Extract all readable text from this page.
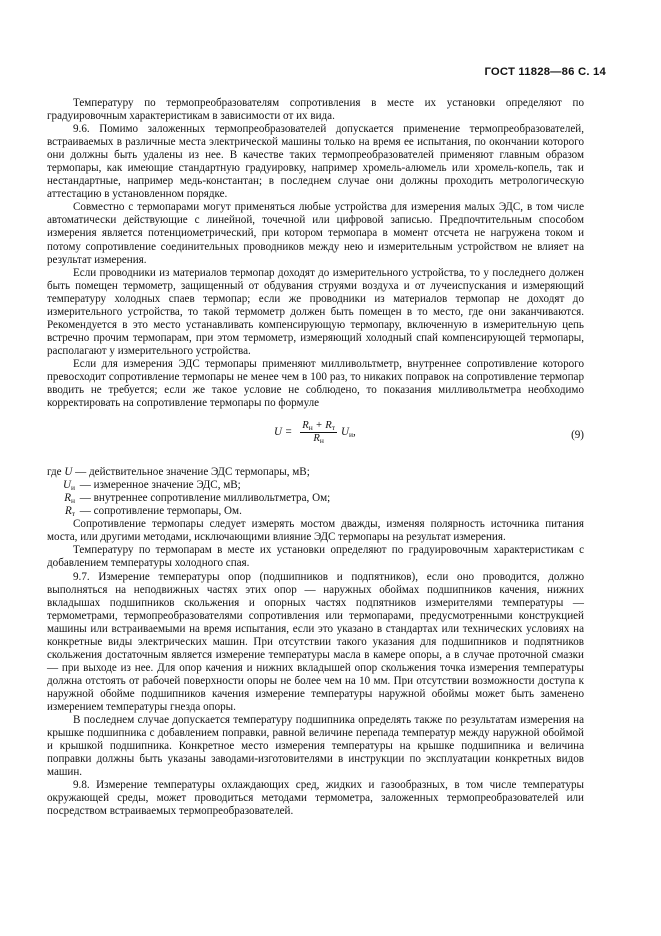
ГОСТ 11828—86 С. 14

Температуру по термопреобразователям сопротивления в месте их установки определяют по градуировочным характеристикам в зависимости от их вида.

9.6. Помимо заложенных термопреобразователей допускается применение термопреобразователей, встраиваемых в различные места электрической машины только на время ее испытания, по окончании которого они должны быть удалены из нее. В качестве таких термопреобразователей применяют главным образом термопары, как имеющие стандартную градуировку, например хромель-алюмель или хромель-копель, так и нестандартные, например медь-константан; в последнем случае они должны проходить метрологическую аттестацию в установленном порядке.

Совместно с термопарами могут применяться любые устройства для измерения малых ЭДС, в том числе автоматически действующие с линейной, точечной или цифровой записью. Предпочтительным способом измерения является потенциометрический, при котором термопара в момент отсчета не нагружена током и потому сопротивление соединительных проводников между нею и измерительным устройством не влияет на результат измерения.

Если проводники из материалов термопар доходят до измерительного устройства, то у последнего должен быть помещен термометр, защищенный от обдувания струями воздуха и от лучеиспускания и измеряющий температуру холодных спаев термопар; если же проводники из материалов термопар не доходят до измерительного устройства, то такой термометр должен быть помещен в то место, где они заканчиваются. Рекомендуется в это место устанавливать компенсирующую термопару, включенную в измерительную цепь встречно прочим термопарам, при этом термометр, измеряющий холодный спай компенсирующей термопары, располагают у измерительного устройства.

Если для измерения ЭДС термопары применяют милливольтметр, внутреннее сопротивление которого превосходит сопротивление термопары не менее чем в 100 раз, то никаких поправок на сопротивление термопар вводить не требуется; если же такое условие не соблюдено, то показания милливольтметра необходимо корректировать на сопротивление термопары по формуле

$U = \frac{R_н + R_т}{R_н} U_и$,	(9)

где U — действительное значение ЭДС термопары, мВ;

$U_и$ — измеренное значение ЭДС, мВ;

$R_н$ — внутреннее сопротивление милливольтметра, Ом;

$R_т$ — сопротивление термопары, Ом.

Сопротивление термопары следует измерять мостом дважды, изменяя полярность источника питания моста, или другими методами, исключающими влияние ЭДС термопары на результат измерения.

Температуру по термопарам в месте их установки определяют по градуировочным характеристикам с добавлением температуры холодного спая.

9.7. Измерение температуры опор (подшипников и подпятников), если оно проводится, должно выполняться на неподвижных частях этих опор — наружных обоймах подшипников качения, нижних вкладышах подшипников скольжения и опорных частях подпятников измерителями температуры — термометрами, термопреобразователями сопротивления или термопарами, предусмотренными конструкцией машины или встраиваемыми на время испытания, если это указано в стандартах или технических условиях на конкретные виды электрических машин. При отсутствии такого указания для подшипников и подпятников скольжения достаточным является измерение температуры масла в камере опоры, а в случае проточной смазки — при выходе из нее. Для опор качения и нижних вкладышей опор скольжения точка измерения температуры должна отстоять от рабочей поверхности опоры не более чем на 10 мм. При отсутствии возможности доступа к наружной обойме подшипников качения измерение температуры наружной обоймы может быть заменено измерением температуры гнезда опоры.

В последнем случае допускается температуру подшипника определять также по результатам измерения на крышке подшипника с добавлением поправки, равной величине перепада температур между наружной обоймой и крышкой подшипника. Конкретное место измерения температуры на крышке подшипника и величина поправки должны быть указаны заводами-изготовителями в инструкции по эксплуатации конкретных видов машин.

9.8. Измерение температуры охлаждающих сред, жидких и газообразных, в том числе температуры окружающей среды, может проводиться методами термометра, заложенных термопреобразователей или посредством встраиваемых термопреобразователей.
